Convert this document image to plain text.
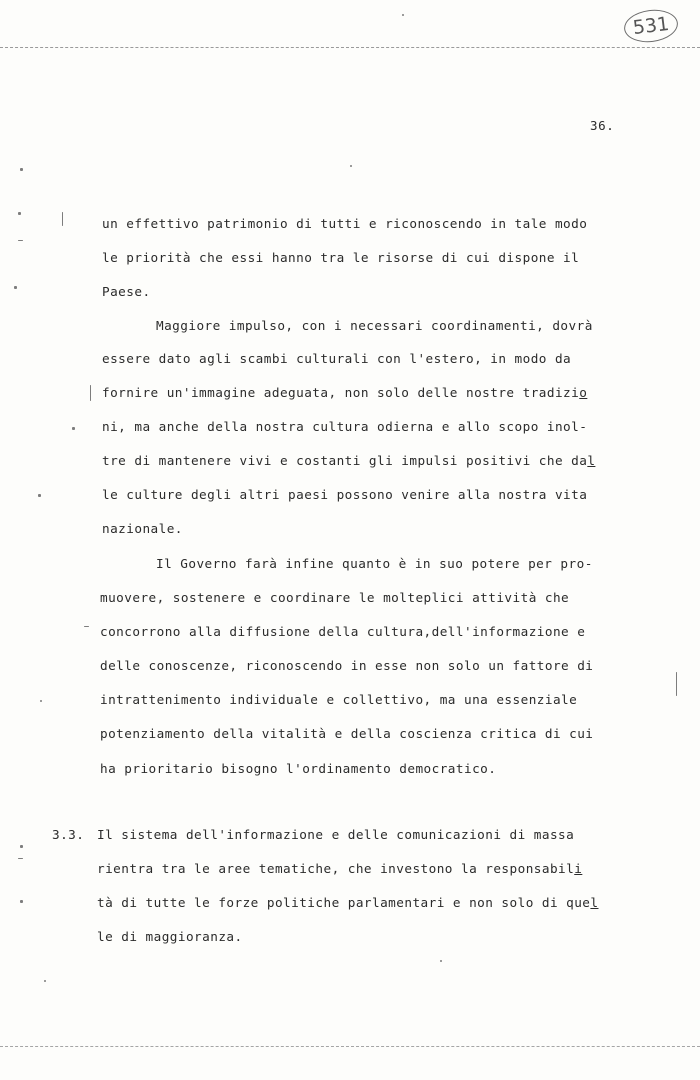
531
36.
un effettivo patrimonio di tutti e riconoscendo in tale modo
le priorità che essi hanno tra le risorse di cui dispone il
Paese.
Maggiore impulso, con i necessari coordinamenti, dovrà
essere dato agli scambi culturali con l'estero, in modo da
fornire un'immagine adeguata, non solo delle nostre tradizio
ni, ma anche della nostra cultura odierna e allo scopo inol-
tre di mantenere vivi e costanti gli impulsi positivi che dal
le culture degli altri paesi possono venire alla nostra vita
nazionale.
Il Governo farà infine quanto è in suo potere per pro-
muovere, sostenere e coordinare le molteplici attività che
concorrono alla diffusione della cultura,dell'informazione e
delle conoscenze, riconoscendo in esse non solo un fattore di
intrattenimento individuale e collettivo, ma una essenziale
potenziamento della vitalità e della coscienza critica di cui
ha prioritario bisogno l'ordinamento democratico.
3.3. Il sistema dell'informazione e delle comunicazioni di massa
rientra tra le aree tematiche, che investono la responsabili
tà di tutte le forze politiche parlamentari e non solo di quel
le di maggioranza.
